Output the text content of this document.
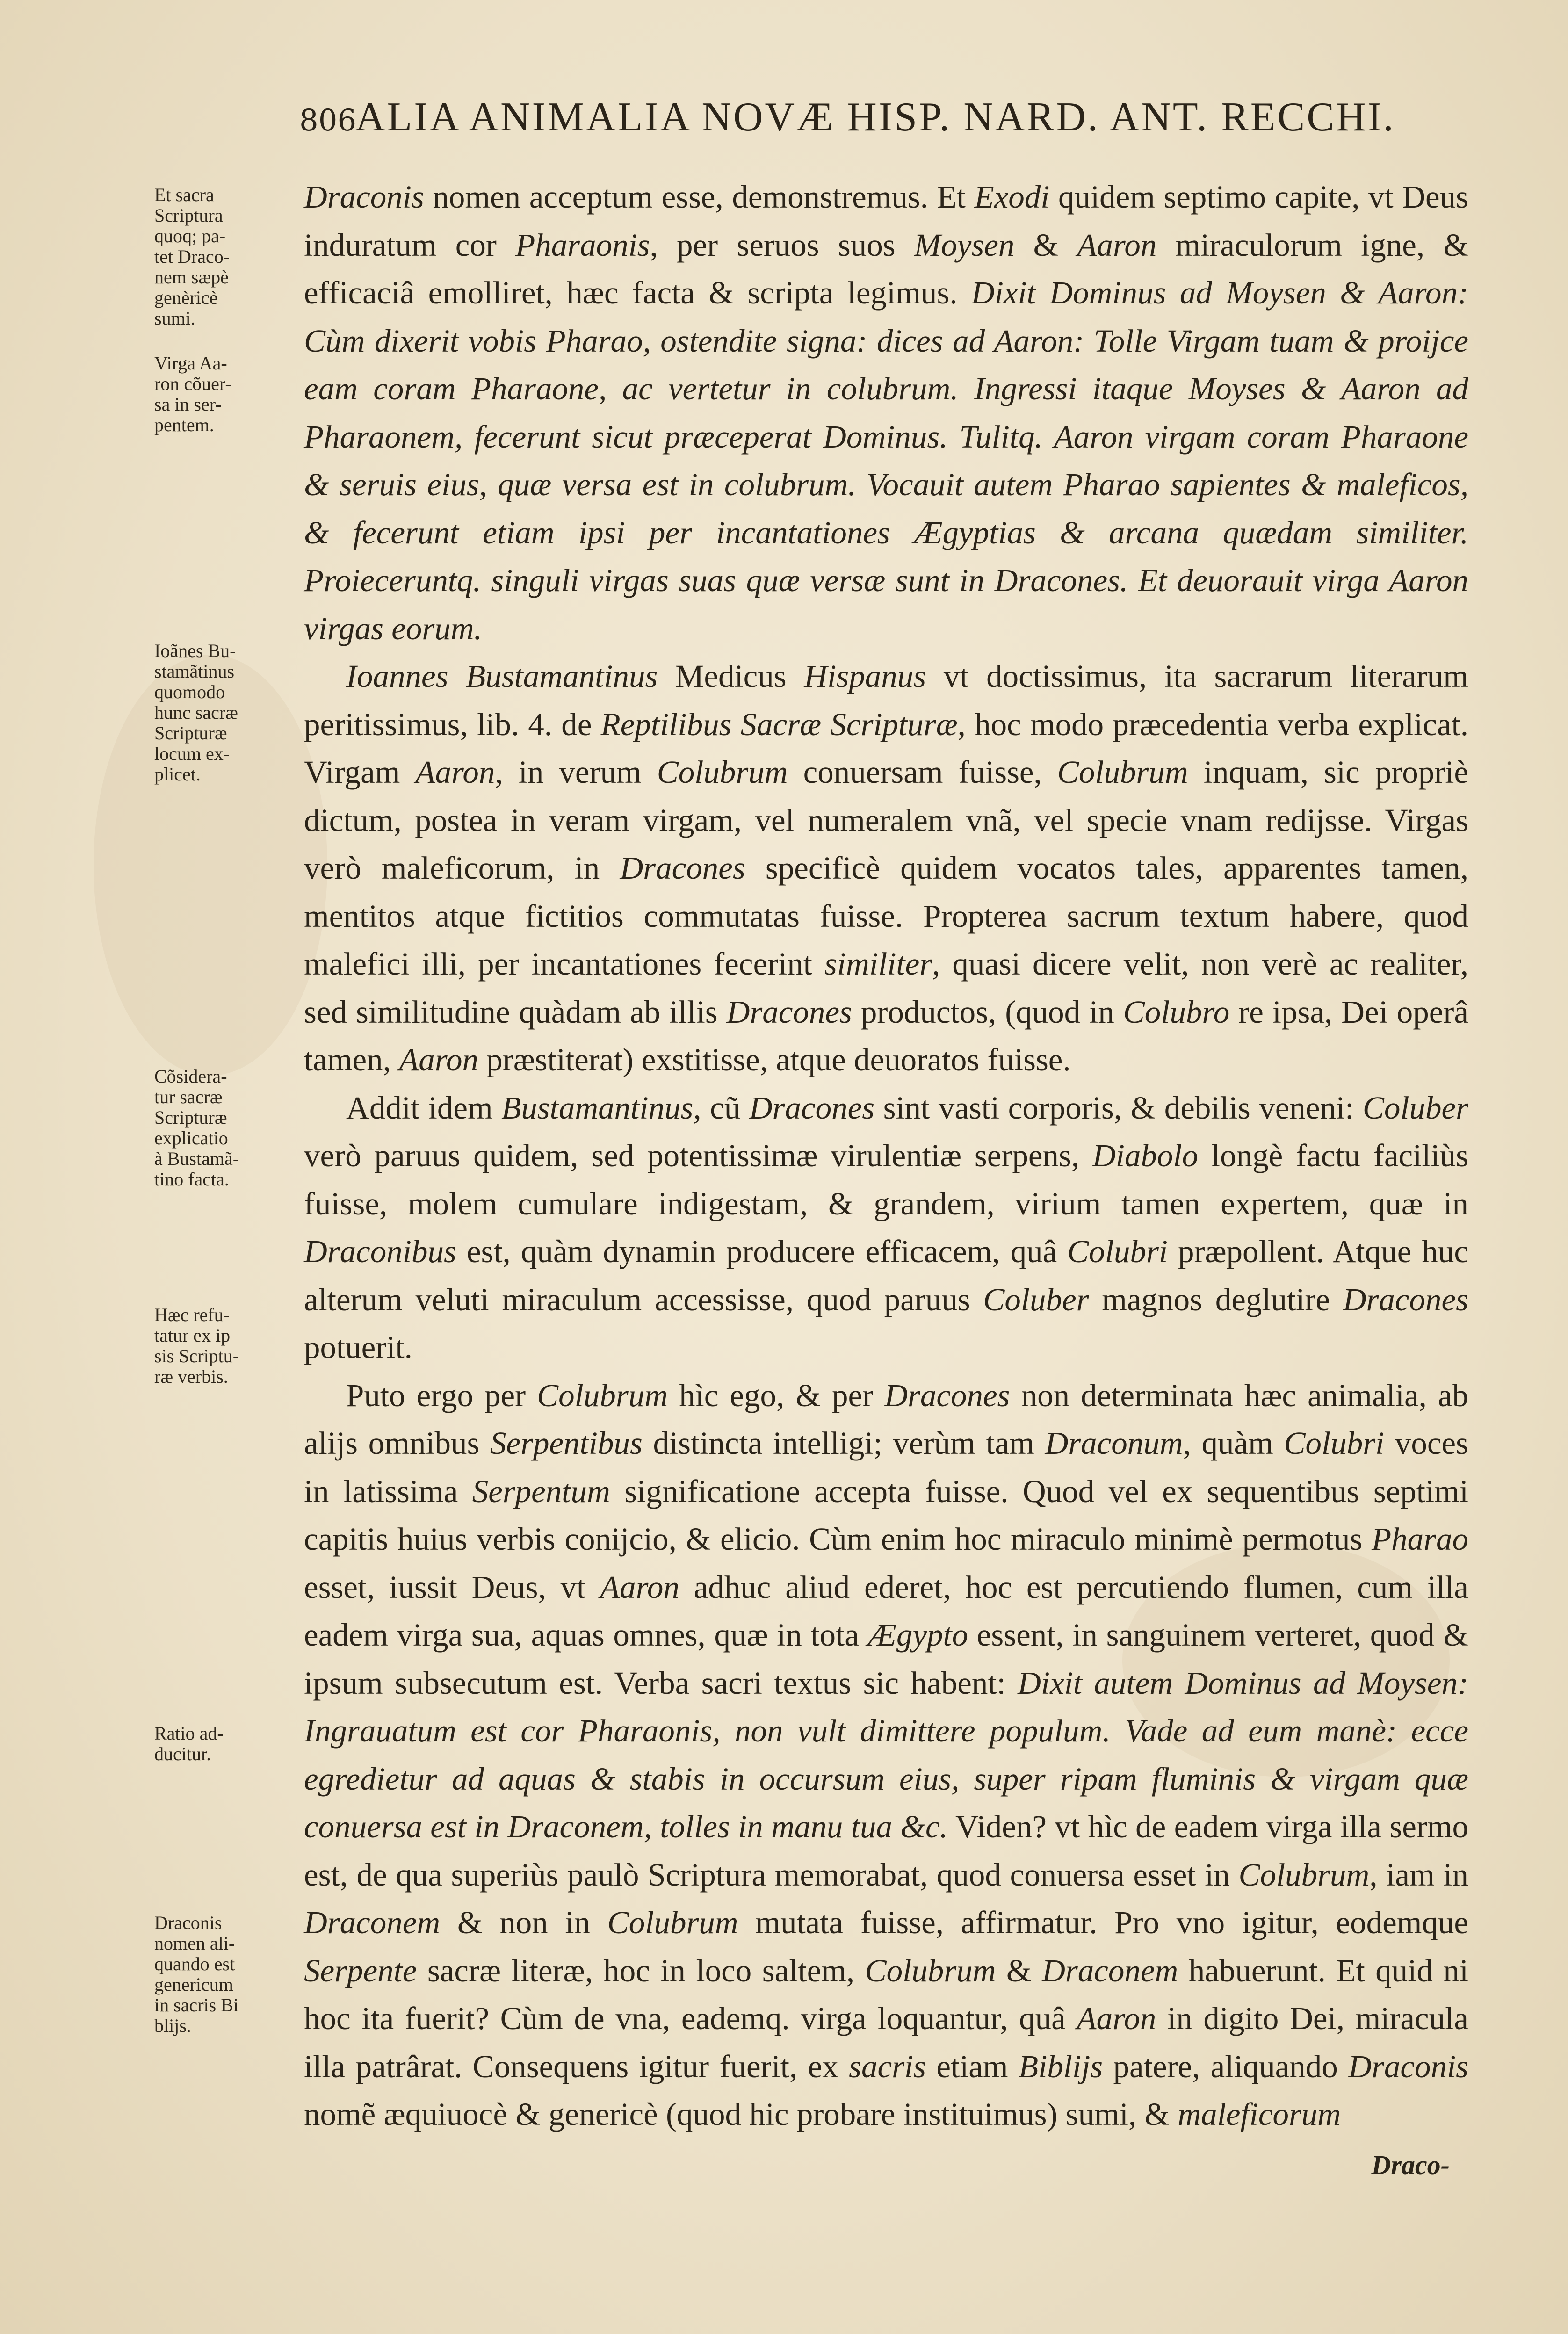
806
ALIA ANIMALIA NOVÆ HISP. NARD. ANT. RECCHI.
Et sacra
Scriptura
quoq; pa-
tet Draco-
nem sæpè
genèricè
sumi.
Virga Aa-
ron cõuer-
sa in ser-
pentem.
Ioãnes Bu-
stamãtinus
quomodo
hunc sacræ
Scripturæ
locum ex-
plicet.
Cõsidera-
tur sacræ
Scripturæ
explicatio
à Bustamã-
tino facta.
Hæc refu-
tatur ex ip
sis Scriptu-
ræ verbis.
Ratio ad-
ducitur.
Draconis
nomen ali-
quando est
genericum
in sacris Bi
blijs.

Draconis nomen acceptum esse, demonstremus. Et Exodi quidem septimo capite, vt Deus induratum cor Pharaonis, per seruos suos Moysen & Aaron miraculorum igne, & efficaciâ emolliret, hæc facta & scripta legimus. Dixit Dominus ad Moysen & Aaron: Cùm dixerit vobis Pharao, ostendite signa: dices ad Aaron: Tolle Virgam tuam & proijce eam coram Pharaone, ac vertetur in colubrum. Ingressi itaque Moyses & Aaron ad Pharaonem, fecerunt sicut præceperat Dominus. Tulitq. Aaron virgam coram Pharaone & seruis eius, quæ versa est in colubrum. Vocauit autem Pharao sapientes & maleficos, & fecerunt etiam ipsi per incantationes Ægyptias & arcana quædam similiter. Proieceruntq. singuli virgas suas quæ versæ sunt in Dracones. Et deuorauit virga Aaron virgas eorum.

Ioannes Bustamantinus Medicus Hispanus vt doctissimus, ita sacrarum literarum peritissimus, lib. 4. de Reptilibus Sacræ Scripturæ, hoc modo præcedentia verba explicat. Virgam Aaron, in verum Colubrum conuersam fuisse, Colubrum inquam, sic propriè dictum, postea in veram virgam, vel numeralem vnã, vel specie vnam redijsse. Virgas verò maleficorum, in Dracones specificè quidem vocatos tales, apparentes tamen, mentitos atque fictitios commutatas fuisse. Propterea sacrum textum habere, quod malefici illi, per incantationes fecerint similiter, quasi dicere velit, non verè ac realiter, sed similitudine quàdam ab illis Dracones productos, (quod in Colubro re ipsa, Dei operâ tamen, Aaron præstiterat) exstitisse, atque deuoratos fuisse.

Addit idem Bustamantinus, cũ Dracones sint vasti corporis, & debilis veneni: Coluber verò paruus quidem, sed potentissimæ virulentiæ serpens, Diabolo longè factu faciliùs fuisse, molem cumulare indigestam, & grandem, virium tamen expertem, quæ in Draconibus est, quàm dynamin producere efficacem, quâ Colubri præpollent. Atque huc alterum veluti miraculum accessisse, quod paruus Coluber magnos deglutire Dracones potuerit.

Puto ergo per Colubrum hìc ego, & per Dracones non determinata hæc animalia, ab alijs omnibus Serpentibus distincta intelligi; verùm tam Draconum, quàm Colubri voces in latissima Serpentum significatione accepta fuisse. Quod vel ex sequentibus septimi capitis huius verbis conijcio, & elicio. Cùm enim hoc miraculo minimè permotus Pharao esset, iussit Deus, vt Aaron adhuc aliud ederet, hoc est percutiendo flumen, cum illa eadem virga sua, aquas omnes, quæ in tota Ægypto essent, in sanguinem verteret, quod & ipsum subsecutum est. Verba sacri textus sic habent: Dixit autem Dominus ad Moysen: Ingrauatum est cor Pharaonis, non vult dimittere populum. Vade ad eum manè: ecce egredietur ad aquas & stabis in occursum eius, super ripam fluminis & virgam quæ conuersa est in Draconem, tolles in manu tua &c. Viden? vt hìc de eadem virga illa sermo est, de qua superiùs paulò Scriptura memorabat, quod conuersa esset in Colubrum, iam in Draconem & non in Colubrum mutata fuisse, affirmatur. Pro vno igitur, eodemque Serpente sacræ literæ, hoc in loco saltem, Colubrum & Draconem habuerunt. Et quid ni hoc ita fuerit? Cùm de vna, eademq. virga loquantur, quâ Aaron in digito Dei, miracula illa patrârat. Consequens igitur fuerit, ex sacris etiam Biblijs patere, aliquando Draconis nomẽ æquiuocè & genericè (quod hic probare instituimus) sumi, & maleficorum

Draco-
